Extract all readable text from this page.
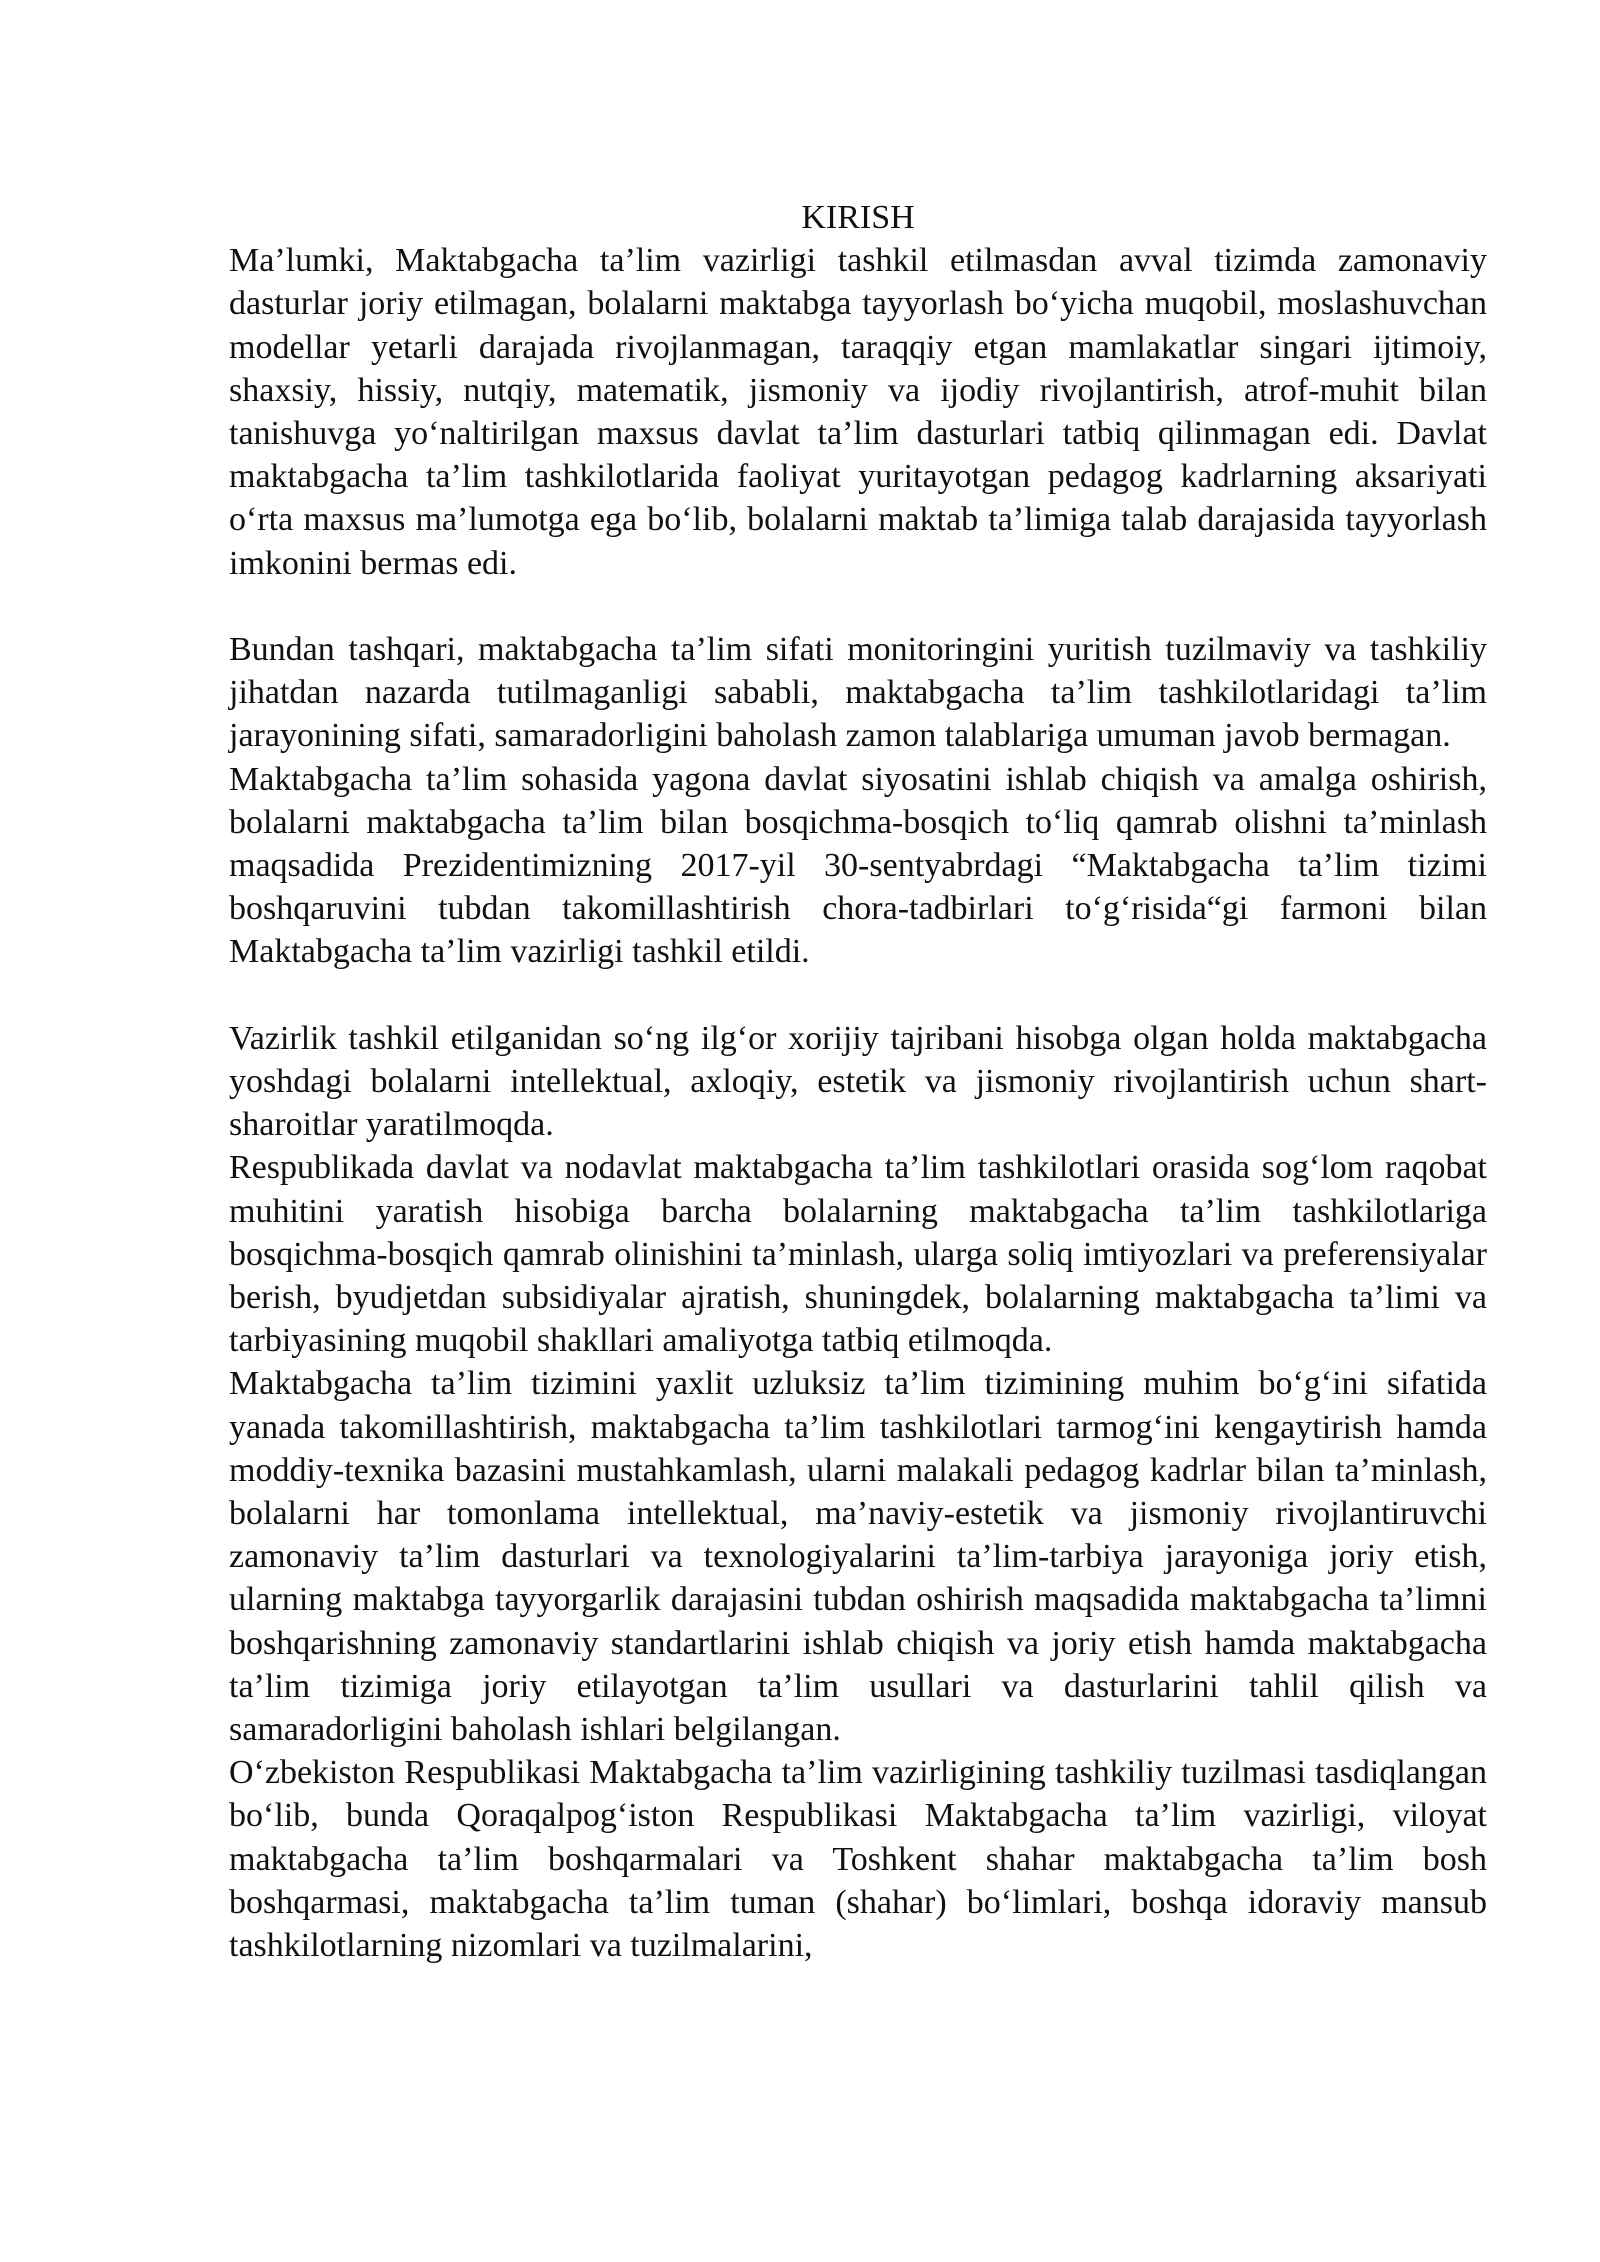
KIRISH

Ma’lumki, Maktabgacha ta’lim vazirligi tashkil etilmasdan avval tizimda zamonaviy dasturlar joriy etilmagan, bolalarni maktabga tayyorlash bo‘yicha muqobil, moslashuvchan modellar yetarli darajada rivojlanmagan, taraqqiy etgan mamlakatlar singari ijtimoiy, shaxsiy, hissiy, nutqiy, matematik, jismoniy va ijodiy rivojlantirish, atrof-muhit bilan tanishuvga yo‘naltirilgan maxsus davlat ta’lim dasturlari tatbiq qilinmagan edi. Davlat maktabgacha ta’lim tashkilotlarida faoliyat yuritayotgan pedagog kadrlarning aksariyati o‘rta maxsus ma’lumotga ega bo‘lib, bolalarni maktab ta’limiga talab darajasida tayyorlash imkonini bermas edi.

Bundan tashqari, maktabgacha ta’lim sifati monitoringini yuritish tuzilmaviy va tashkiliy jihatdan nazarda tutilmaganligi sababli, maktabgacha ta’lim tashkilotlaridagi ta’lim jarayonining sifati, samaradorligini baholash zamon talablariga umuman javob bermagan.

Maktabgacha ta’lim sohasida yagona davlat siyosatini ishlab chiqish va amalga oshirish, bolalarni maktabgacha ta’lim bilan bosqichma-bosqich to‘liq qamrab olishni ta’minlash maqsadida Prezidentimizning 2017-yil 30-sentyabrdagi “Maktabgacha ta’lim tizimi boshqaruvini tubdan takomillashtirish chora-tadbirlari to‘g‘risida“gi farmoni bilan Maktabgacha ta’lim vazirligi tashkil etildi.

Vazirlik tashkil etilganidan so‘ng ilg‘or xorijiy tajribani hisobga olgan holda maktabgacha yoshdagi bolalarni intellektual, axloqiy, estetik va jismoniy rivojlantirish uchun shart-sharoitlar yaratilmoqda.

Respublikada davlat va nodavlat maktabgacha ta’lim tashkilotlari orasida sog‘lom raqobat muhitini yaratish hisobiga barcha bolalarning maktabgacha ta’lim tashkilotlariga bosqichma-bosqich qamrab olinishini ta’minlash, ularga soliq imtiyozlari va preferensiyalar berish, byudjetdan subsidiyalar ajratish, shuningdek, bolalarning maktabgacha ta’limi va tarbiyasining muqobil shakllari amaliyotga tatbiq etilmoqda.

Maktabgacha ta’lim tizimini yaxlit uzluksiz ta’lim tizimining muhim bo‘g‘ini sifatida yanada takomillashtirish, maktabgacha ta’lim tashkilotlari tarmog‘ini kengaytirish hamda moddiy-texnika bazasini mustahkamlash, ularni malakali pedagog kadrlar bilan ta’minlash, bolalarni har tomonlama intellektual, ma’naviy-estetik va jismoniy rivojlantiruvchi zamonaviy ta’lim dasturlari va texnologiyalarini ta’lim-tarbiya jarayoniga joriy etish, ularning maktabga tayyorgarlik darajasini tubdan oshirish maqsadida maktabgacha ta’limni boshqarishning zamonaviy standartlarini ishlab chiqish va joriy etish hamda maktabgacha ta’lim tizimiga joriy etilayotgan ta’lim usullari va dasturlarini tahlil qilish va samaradorligini baholash ishlari belgilangan.

O‘zbekiston Respublikasi Maktabgacha ta’lim vazirligining tashkiliy tuzilmasi tasdiqlangan bo‘lib, bunda Qoraqalpog‘iston Respublikasi Maktabgacha ta’lim vazirligi, viloyat maktabgacha ta’lim boshqarmalari va Toshkent shahar maktabgacha ta’lim bosh boshqarmasi, maktabgacha ta’lim tuman (shahar) bo‘limlari, boshqa idoraviy mansub tashkilotlarning nizomlari va tuzilmalarini,
